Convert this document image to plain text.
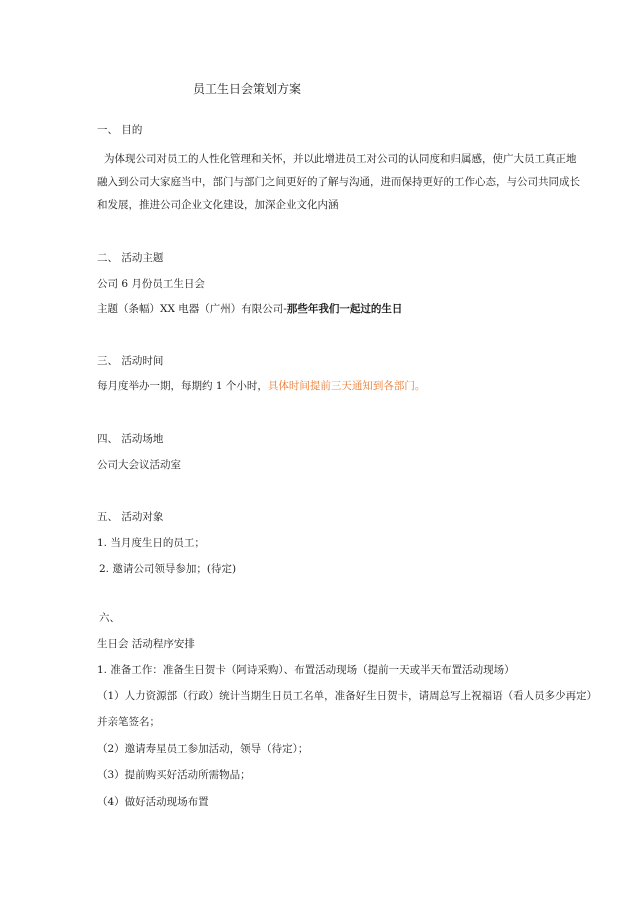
员工生日会策划方案
一、 目的
为体现公司对员工的人性化管理和关怀，并以此增进员工对公司的认同度和归属感，使广大员工真正地
融入到公司大家庭当中，部门与部门之间更好的了解与沟通，进而保持更好的工作心态，与公司共同成长
和发展，推进公司企业文化建设，加深企业文化内涵
二、 活动主题
公司 6 月份员工生日会
主题（条幅）XX 电器（广州）有限公司-那些年我们一起过的生日
三、 活动时间
每月度举办一期，每期约 1 个小时，具体时间提前三天通知到各部门。
四、 活动场地
公司大会议活动室
五、 活动对象
1. 当月度生日的员工；
2. 邀请公司领导参加；(待定)
六、
生日会 活动程序安排
1. 准备工作：准备生日贺卡（阿诗采购）、布置活动现场（提前一天或半天布置活动现场）
（1）人力资源部（行政）统计当期生日员工名单，准备好生日贺卡，请周总写上祝福语（看人员多少再定）
并亲笔签名；
（2）邀请寿星员工参加活动，领导（待定）；
（3）提前购买好活动所需物品；
（4）做好活动现场布置
